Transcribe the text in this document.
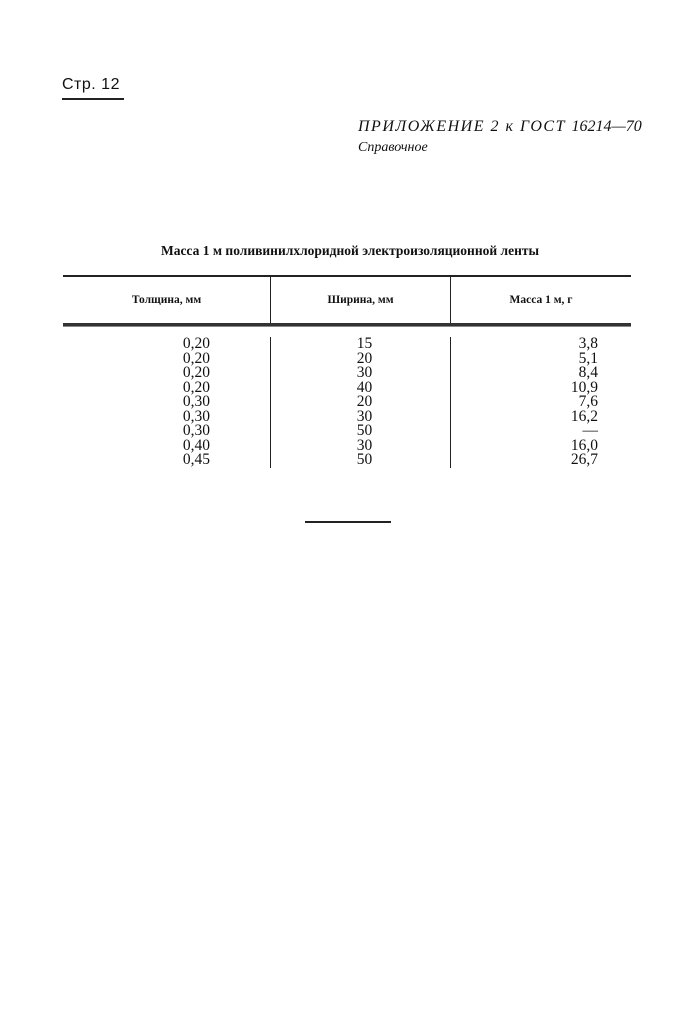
Стр. 12
ПРИЛОЖЕНИЕ 2 к ГОСТ 16214—70
Справочное
Масса 1 м поливинилхлоридной электроизоляционной ленты
Толщина, мм	Ширина, мм	Масса 1 м, г
0,20
0,20
0,20
0,20
0,30
0,30
0,30
0,40
0,45
15
20
30
40
20
30
50
30
50
3,8
5,1
8,4
10,9
7,6
16,2
—
16,0
26,7
